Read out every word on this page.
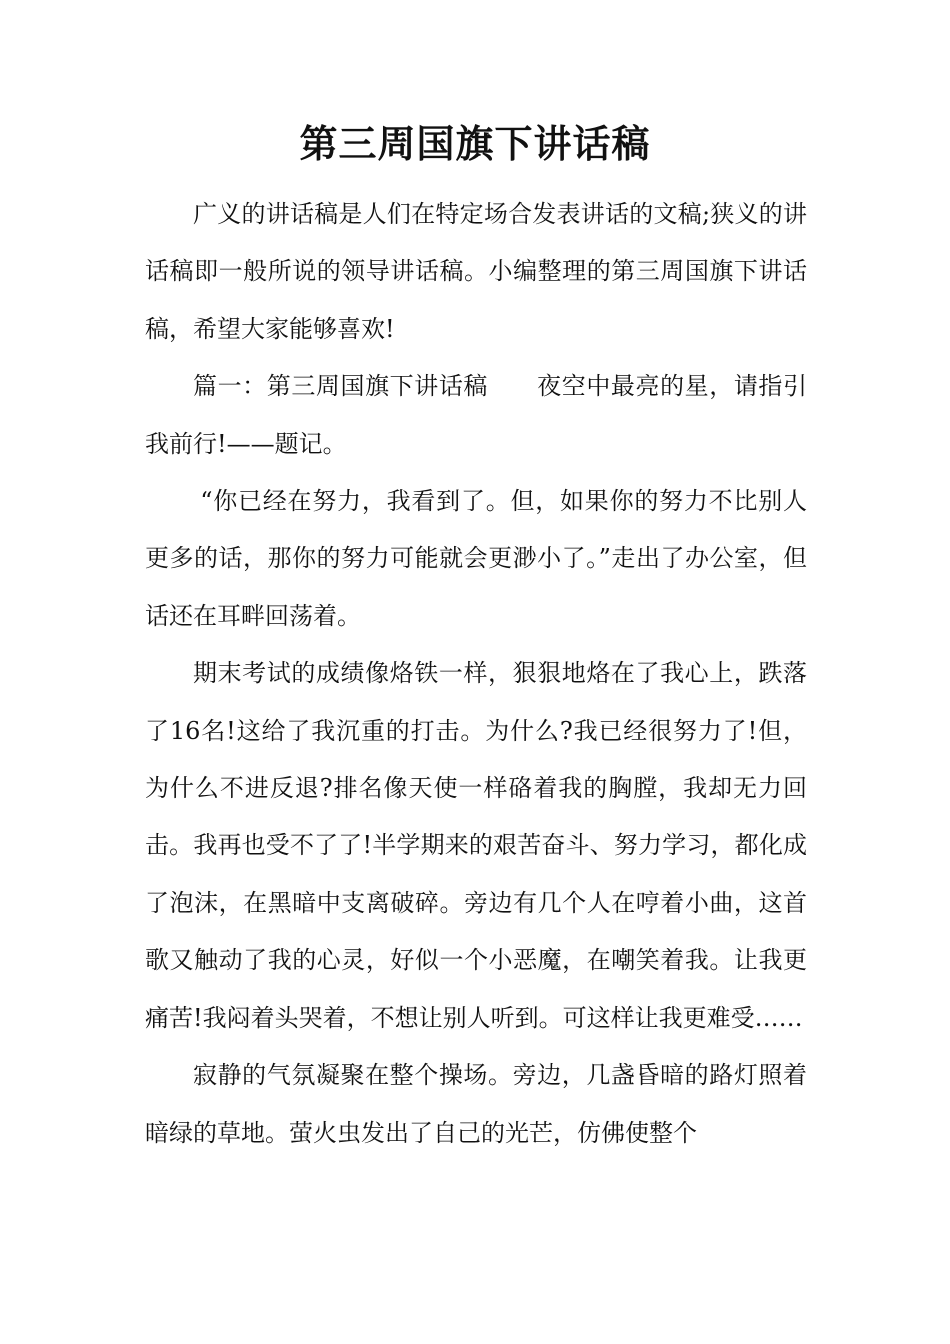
第三周国旗下讲话稿

广义的讲话稿是人们在特定场合发表讲话的文稿;狭义的讲话稿即一般所说的领导讲话稿。小编整理的第三周国旗下讲话稿，希望大家能够喜欢!

篇一：第三周国旗下讲话稿　　夜空中最亮的星，请指引我前行!——题记。

“你已经在努力，我看到了。但，如果你的努力不比别人更多的话，那你的努力可能就会更渺小了。”走出了办公室，但话还在耳畔回荡着。

期末考试的成绩像烙铁一样，狠狠地烙在了我心上，跌落了16名!这给了我沉重的打击。为什么?我已经很努力了!但，为什么不进反退?排名像天使一样硌着我的胸膛，我却无力回击。我再也受不了了!半学期来的艰苦奋斗、努力学习，都化成了泡沫，在黑暗中支离破碎。旁边有几个人在哼着小曲，这首歌又触动了我的心灵，好似一个小恶魔，在嘲笑着我。让我更痛苦!我闷着头哭着，不想让别人听到。可这样让我更难受……

寂静的气氛凝聚在整个操场。旁边，几盏昏暗的路灯照着暗绿的草地。萤火虫发出了自己的光芒，仿佛使整个
